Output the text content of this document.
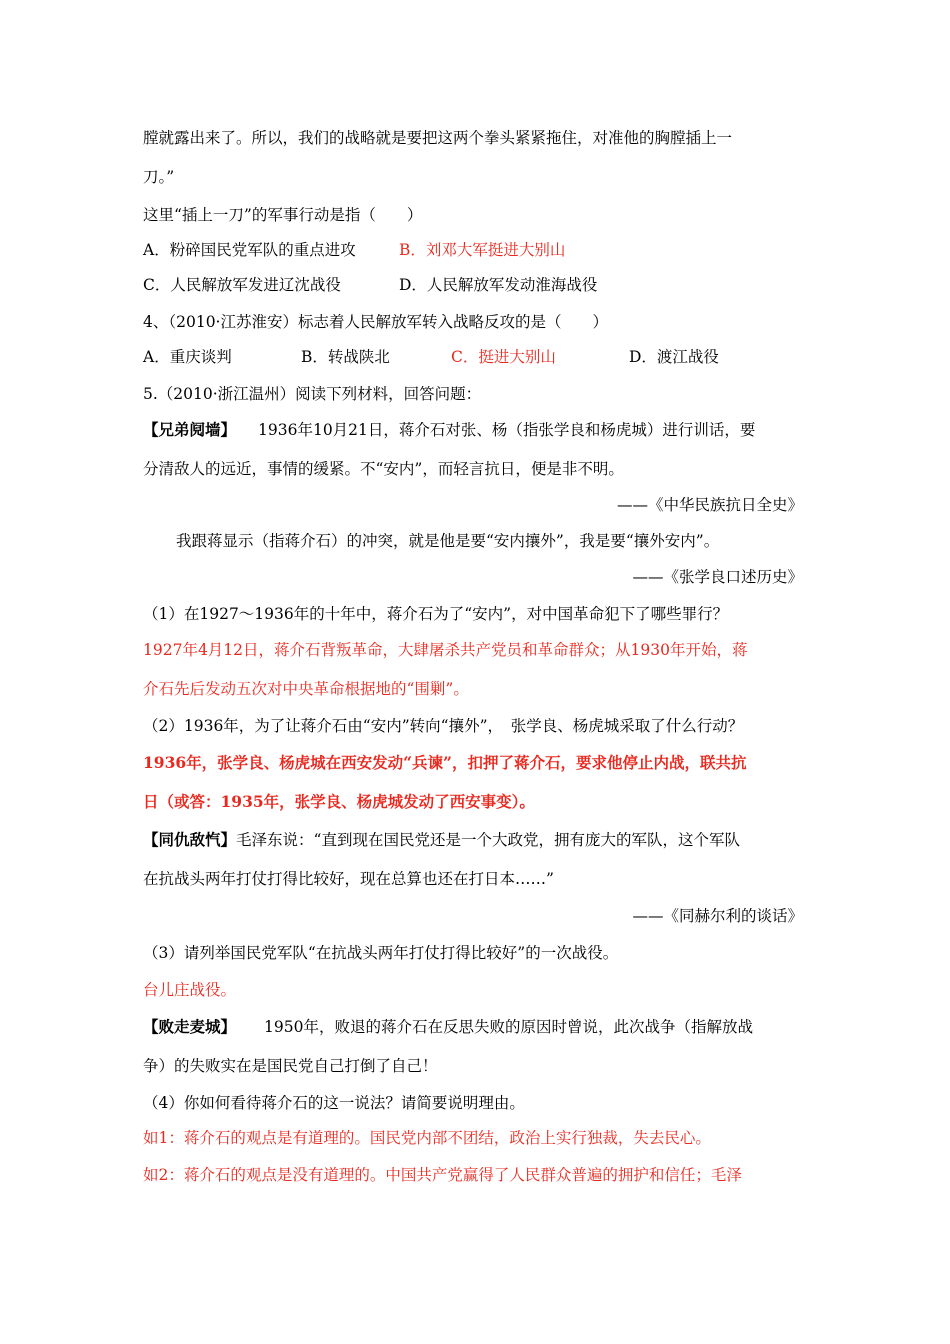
膛就露出来了。所以，我们的战略就是要把这两个拳头紧紧拖住，对准他的胸膛插上一
刀。”
这里“插上一刀”的军事行动是指（　　）
A．粉碎国民党军队的重点进攻	B．刘邓大军挺进大别山
C．人民解放军发进辽沈战役	D．人民解放军发动淮海战役
4、（2010·江苏淮安）标志着人民解放军转入战略反攻的是（　　）
A．重庆谈判	B．转战陕北	C．挺进大别山	D．渡江战役
5.（2010·浙江温州）阅读下列材料，回答问题：
【兄弟阋墙】 1936年10月21日，蒋介石对张、杨（指张学良和杨虎城）进行训话，要
分清敌人的远近，事情的缓紧。不“安内”，而轻言抗日，便是非不明。
——《中华民族抗日全史》
我跟蒋显示（指蒋介石）的冲突，就是他是要“安内攘外”，我是要“攘外安内”。
——《张学良口述历史》
（1）在1927～1936年的十年中，蒋介石为了“安内”，对中国革命犯下了哪些罪行？
1927年4月12日，蒋介石背叛革命，大肆屠杀共产党员和革命群众；从1930年开始，蒋
介石先后发动五次对中央革命根据地的“围剿”。
（2）1936年，为了让蒋介石由“安内”转向“攘外”，　张学良、杨虎城采取了什么行动？
1936年，张学良、杨虎城在西安发动“兵谏”，扣押了蒋介石，要求他停止内战，联共抗
日（或答：1935年，张学良、杨虎城发动了西安事变）。
【同仇敌忾】毛泽东说：“直到现在国民党还是一个大政党，拥有庞大的军队，这个军队
在抗战头两年打仗打得比较好，现在总算也还在打日本……”
——《同赫尔利的谈话》
（3）请列举国民党军队“在抗战头两年打仗打得比较好”的一次战役。
台儿庄战役。
【败走麦城】 1950年，败退的蒋介石在反思失败的原因时曾说，此次战争（指解放战
争）的失败实在是国民党自己打倒了自己！
（4）你如何看待蒋介石的这一说法？请简要说明理由。
如1：蒋介石的观点是有道理的。国民党内部不团结，政治上实行独裁，失去民心。
如2：蒋介石的观点是没有道理的。中国共产党赢得了人民群众普遍的拥护和信任；毛泽
